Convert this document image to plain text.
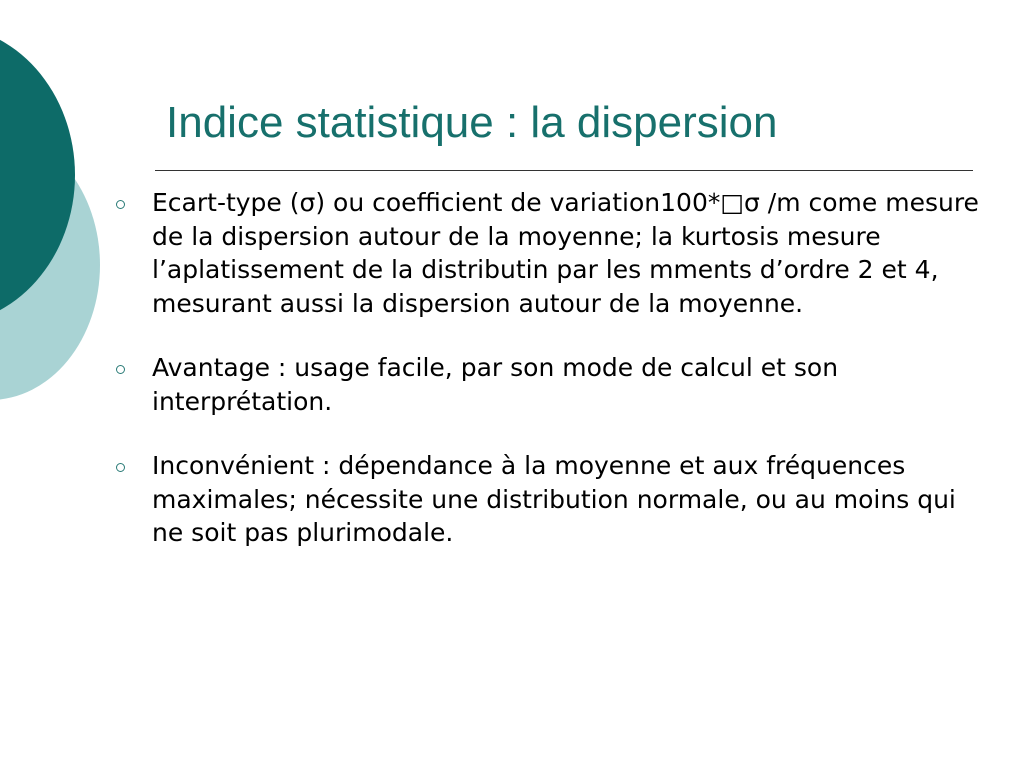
Indice statistique : la dispersion
Ecart-type (σ) ou coefficient de variation100*□σ /m come mesure de la dispersion autour de la moyenne; la kurtosis mesure l’aplatissement de la distributin par les mments d’ordre 2 et 4, mesurant aussi la dispersion autour de la moyenne.
Avantage : usage facile, par son mode de calcul et son interprétation.
Inconvénient : dépendance à la moyenne et aux fréquences maximales; nécessite une distribution normale, ou au moins qui ne soit pas plurimodale.
